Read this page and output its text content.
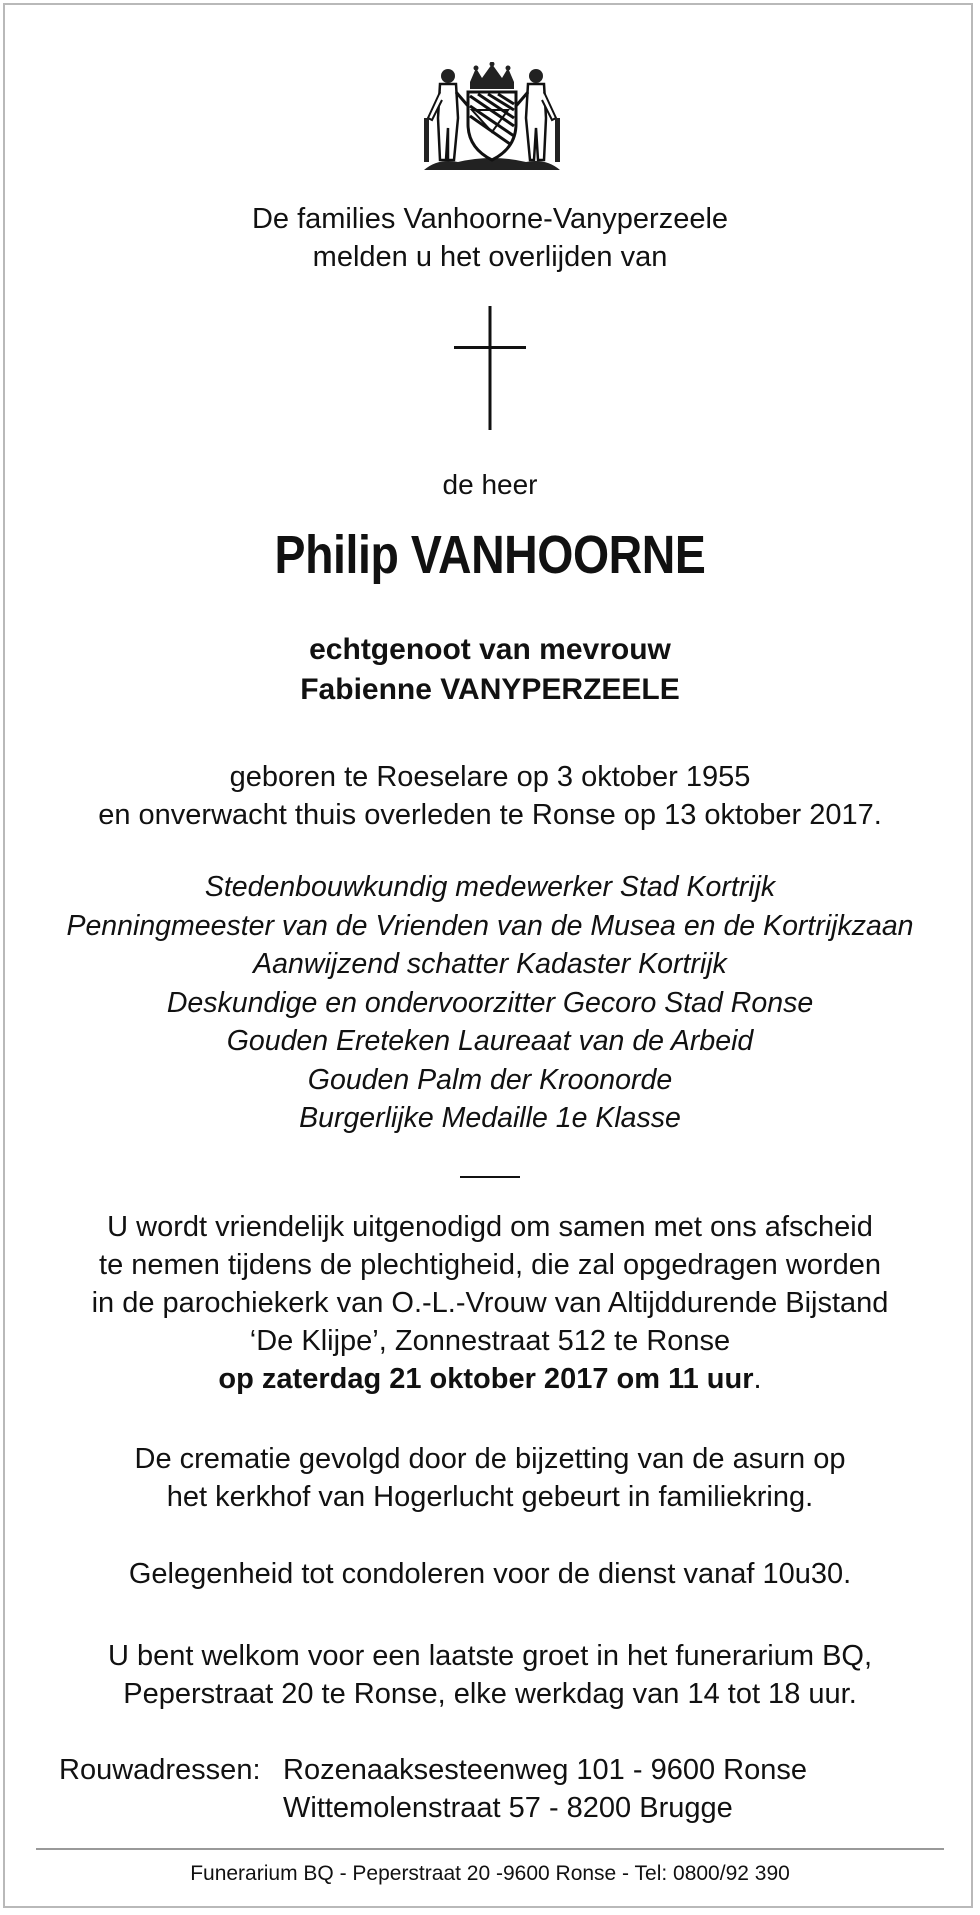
De families Vanhoorne-Vanyperzeele
melden u het overlijden van
de heer
Philip VANHOORNE
echtgenoot van mevrouw
Fabienne VANYPERZEELE
geboren te Roeselare op 3 oktober 1955
en onverwacht thuis overleden te Ronse op 13 oktober 2017.
Stedenbouwkundig medewerker Stad Kortrijk
Penningmeester van de Vrienden van de Musea en de Kortrijkzaan
Aanwijzend schatter Kadaster Kortrijk
Deskundige en ondervoorzitter Gecoro Stad Ronse
Gouden Ereteken Laureaat van de Arbeid
Gouden Palm der Kroonorde
Burgerlijke Medaille 1e Klasse
U wordt vriendelijk uitgenodigd om samen met ons afscheid
te nemen tijdens de plechtigheid, die zal opgedragen worden
in de parochiekerk van O.-L.-Vrouw van Altijddurende Bijstand
‘De Klijpe’, Zonnestraat 512 te Ronse
op zaterdag 21 oktober 2017 om 11 uur.
De crematie gevolgd door de bijzetting van de asurn op
het kerkhof van Hogerlucht gebeurt in familiekring.
Gelegenheid tot condoleren voor de dienst vanaf 10u30.
U bent welkom voor een laatste groet in het funerarium BQ,
Peperstraat 20 te Ronse, elke werkdag van 14 tot 18 uur.
Rouwadressen: Rozenaaksesteenweg 101 - 9600 Ronse
Wittemolenstraat 57 - 8200 Brugge
Funerarium BQ - Peperstraat 20 -9600 Ronse - Tel: 0800/92 390
